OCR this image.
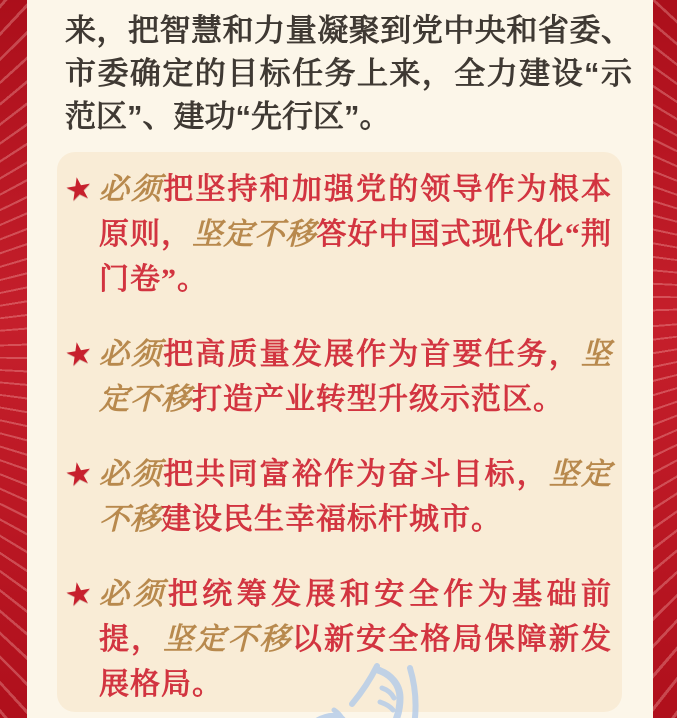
来，把智慧和力量凝聚到党中央和省委、市委确定的目标任务上来，全力建设“示范区”、建功“先行区”。

★ 必须把坚持和加强党的领导作为根本原则，坚定不移答好中国式现代化“荆门卷”。

★ 必须把高质量发展作为首要任务，坚定不移打造产业转型升级示范区。

★ 必须把共同富裕作为奋斗目标，坚定不移建设民生幸福标杆城市。

★ 必须把统筹发展和安全作为基础前提，坚定不移以新安全格局保障新发展格局。
